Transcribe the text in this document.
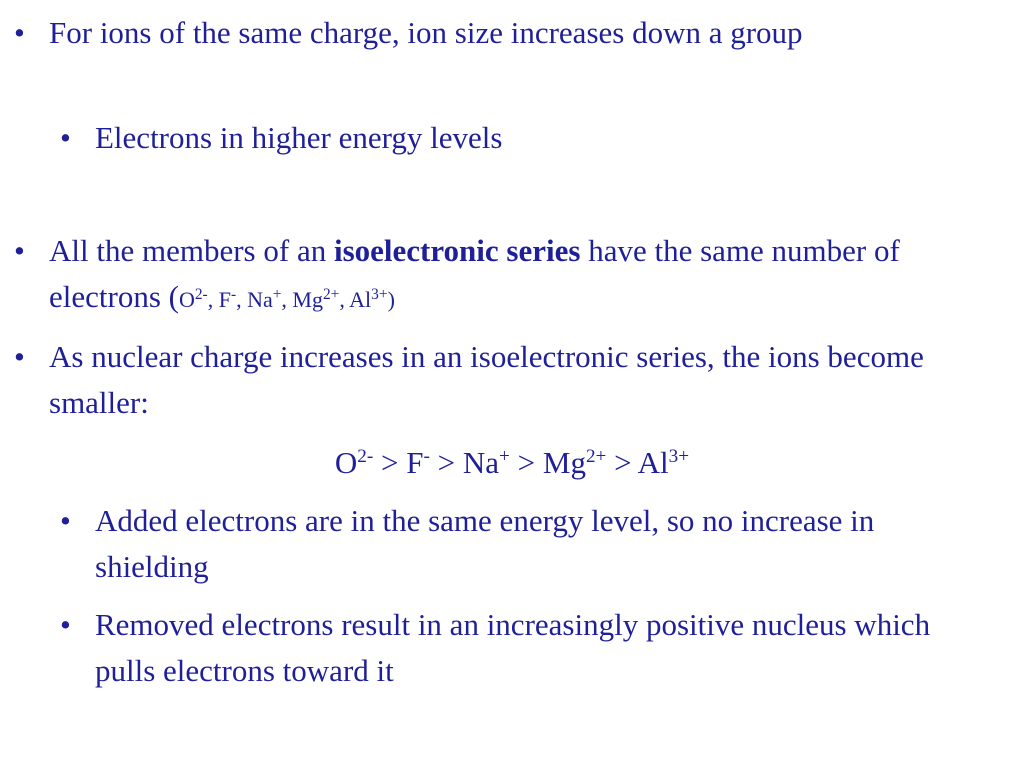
• For ions of the same charge, ion size increases down a group
• Electrons in higher energy levels
• All the members of an isoelectronic series have the same number of electrons ($O^{2-}$, F-, Na+, $Mg^{2+}$, $Al^{3+}$)
• As nuclear charge increases in an isoelectronic series, the ions become smaller:
$O^{2-} > F^- > Na^+ > Mg^{2+} > Al^{3+}$
• Added electrons are in the same energy level, so no increase in shielding
• Removed electrons result in an increasingly positive nucleus which pulls electrons toward it
